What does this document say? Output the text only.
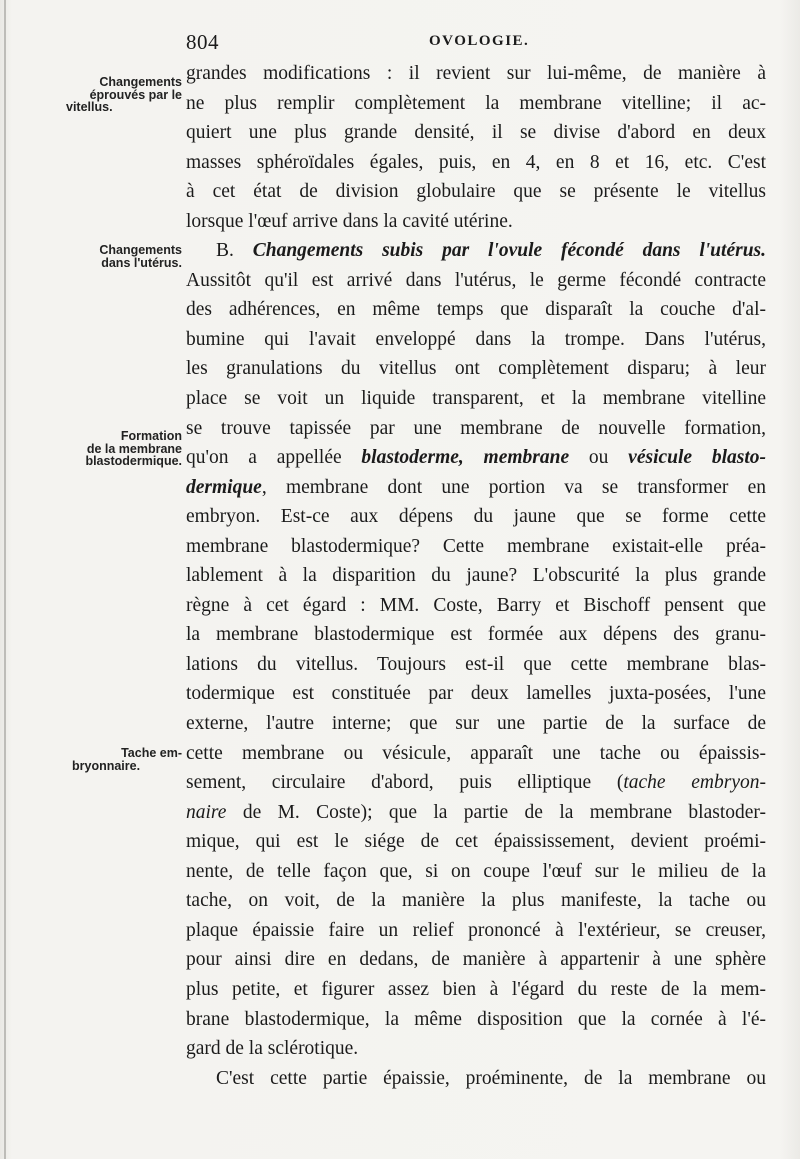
804	OVOLOGIE.
Changements
éprouvés par le
vitellus.
Changements
dans l'utérus.
Formation
de la membrane
blastodermique.
Tache em-
bryonnaire.
grandes modifications : il revient sur lui-même, de manière à
ne plus remplir complètement la membrane vitelline; il ac-
quiert une plus grande densité, il se divise d'abord en deux
masses sphéroïdales égales, puis, en 4, en 8 et 16, etc. C'est
à cet état de division globulaire que se présente le vitellus
lorsque l'œuf arrive dans la cavité utérine.
B. Changements subis par l'ovule fécondé dans l'utérus.
Aussitôt qu'il est arrivé dans l'utérus, le germe fécondé contracte
des adhérences, en même temps que disparaît la couche d'al-
bumine qui l'avait enveloppé dans la trompe. Dans l'utérus,
les granulations du vitellus ont complètement disparu; à leur
place se voit un liquide transparent, et la membrane vitelline
se trouve tapissée par une membrane de nouvelle formation,
qu'on a appellée blastoderme, membrane ou vésicule blasto-
dermique, membrane dont une portion va se transformer en
embryon. Est-ce aux dépens du jaune que se forme cette
membrane blastodermique? Cette membrane existait-elle préa-
lablement à la disparition du jaune? L'obscurité la plus grande
règne à cet égard : MM. Coste, Barry et Bischoff pensent que
la membrane blastodermique est formée aux dépens des granu-
lations du vitellus. Toujours est-il que cette membrane blas-
todermique est constituée par deux lamelles juxta-posées, l'une
externe, l'autre interne; que sur une partie de la surface de
cette membrane ou vésicule, apparaît une tache ou épaissis-
sement, circulaire d'abord, puis elliptique (tache embryon-
naire de M. Coste); que la partie de la membrane blastoder-
mique, qui est le siége de cet épaississement, devient proémi-
nente, de telle façon que, si on coupe l'œuf sur le milieu de la
tache, on voit, de la manière la plus manifeste, la tache ou
plaque épaissie faire un relief prononcé à l'extérieur, se creuser,
pour ainsi dire en dedans, de manière à appartenir à une sphère
plus petite, et figurer assez bien à l'égard du reste de la mem-
brane blastodermique, la même disposition que la cornée à l'é-
gard de la sclérotique.
C'est cette partie épaissie, proéminente, de la membrane ou
